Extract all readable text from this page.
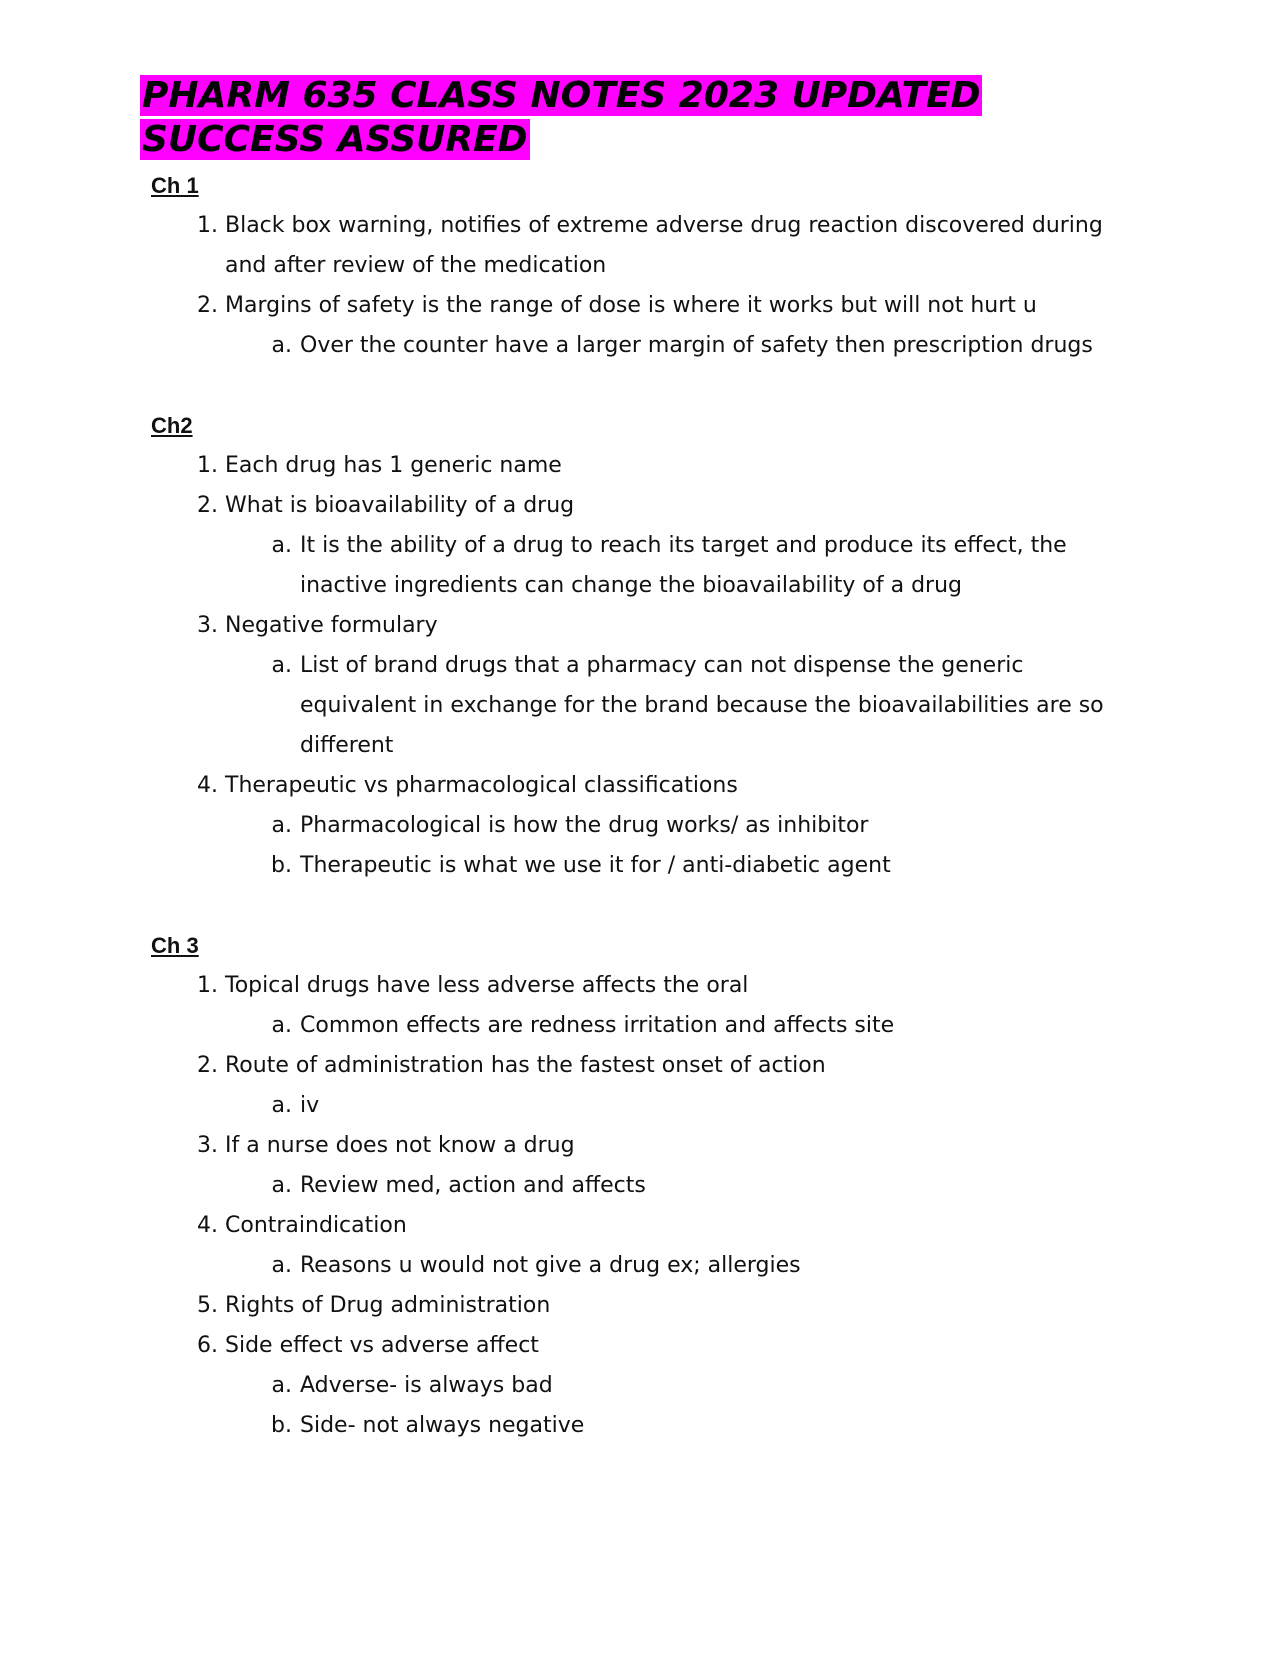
PHARM 635 CLASS NOTES 2023 UPDATED SUCCESS ASSURED
Ch 1
1. Black box warning, notifies of extreme adverse drug reaction discovered during and after review of the medication
2. Margins of safety is the range of dose is where it works but will not hurt u
a. Over the counter have a larger margin of safety then prescription drugs
Ch2
1. Each drug has 1 generic name
2. What is bioavailability of a drug
a. It is the ability of a drug to reach its target and produce its effect, the inactive ingredients can change the bioavailability of a drug
3. Negative formulary
a. List of brand drugs that a pharmacy can not dispense the generic equivalent in exchange for the brand because the bioavailabilities are so different
4. Therapeutic vs pharmacological classifications
a. Pharmacological is how the drug works/ as inhibitor
b. Therapeutic is what we use it for / anti-diabetic agent
Ch 3
1. Topical drugs have less adverse affects the oral
a. Common effects are redness irritation and affects site
2. Route of administration has the fastest onset of action
a. iv
3. If a nurse does not know a drug
a. Review med, action and affects
4. Contraindication
a. Reasons u would not give a drug ex; allergies
5. Rights of Drug administration
6. Side effect vs adverse affect
a. Adverse- is always bad
b. Side- not always negative
